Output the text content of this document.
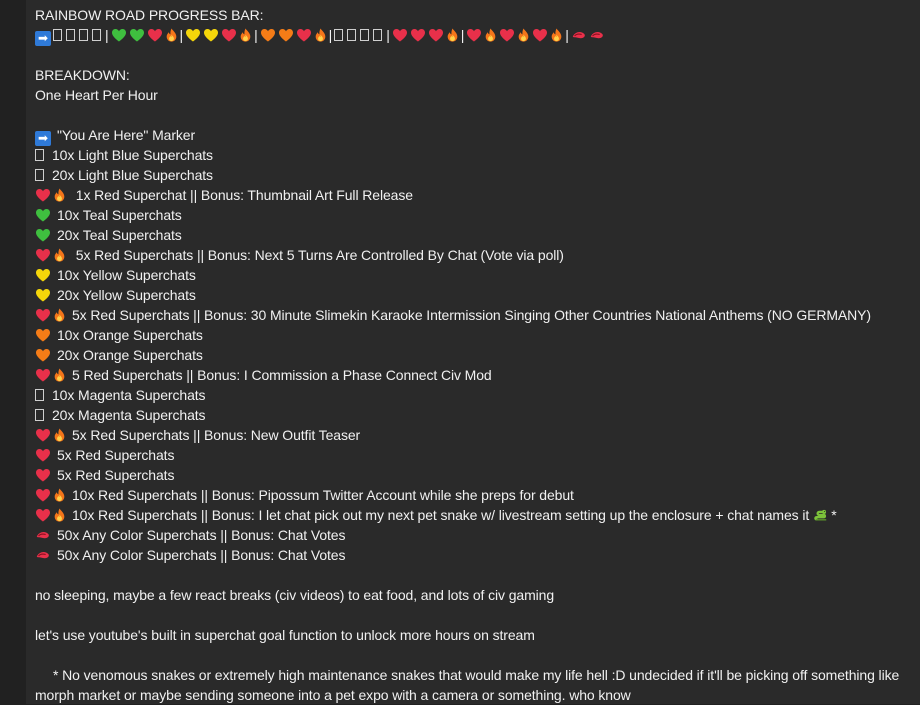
RAINBOW ROAD PROGRESS BAR:
➡	|	|	|	|	|	|	|
BREAKDOWN:
One Heart Per Hour
➡ "You Are Here" Marker
10x Light Blue Superchats
20x Light Blue Superchats
1x Red Superchat || Bonus: Thumbnail Art Full Release
10x Teal Superchats
20x Teal Superchats
5x Red Superchats || Bonus: Next 5 Turns Are Controlled By Chat (Vote via poll)
10x Yellow Superchats
20x Yellow Superchats
5x Red Superchats || Bonus: 30 Minute Slimekin Karaoke Intermission Singing Other Countries National Anthems (NO GERMANY)
10x Orange Superchats
20x Orange Superchats
5 Red Superchats || Bonus: I Commission a Phase Connect Civ Mod
10x Magenta Superchats
20x Magenta Superchats
5x Red Superchats || Bonus: New Outfit Teaser
5x Red Superchats
5x Red Superchats
10x Red Superchats || Bonus: Pipossum Twitter Account while she preps for debut
10x Red Superchats || Bonus: I let chat pick out my next pet snake w/ livestream setting up the enclosure + chat names it *
50x Any Color Superchats || Bonus: Chat Votes
50x Any Color Superchats || Bonus: Chat Votes
no sleeping, maybe a few react breaks (civ videos) to eat food, and lots of civ gaming
let's use youtube's built in superchat goal function to unlock more hours on stream
* No venomous snakes or extremely high maintenance snakes that would make my life hell :D undecided if it'll be picking off something like morph market or maybe sending someone into a pet expo with a camera or something. who know
